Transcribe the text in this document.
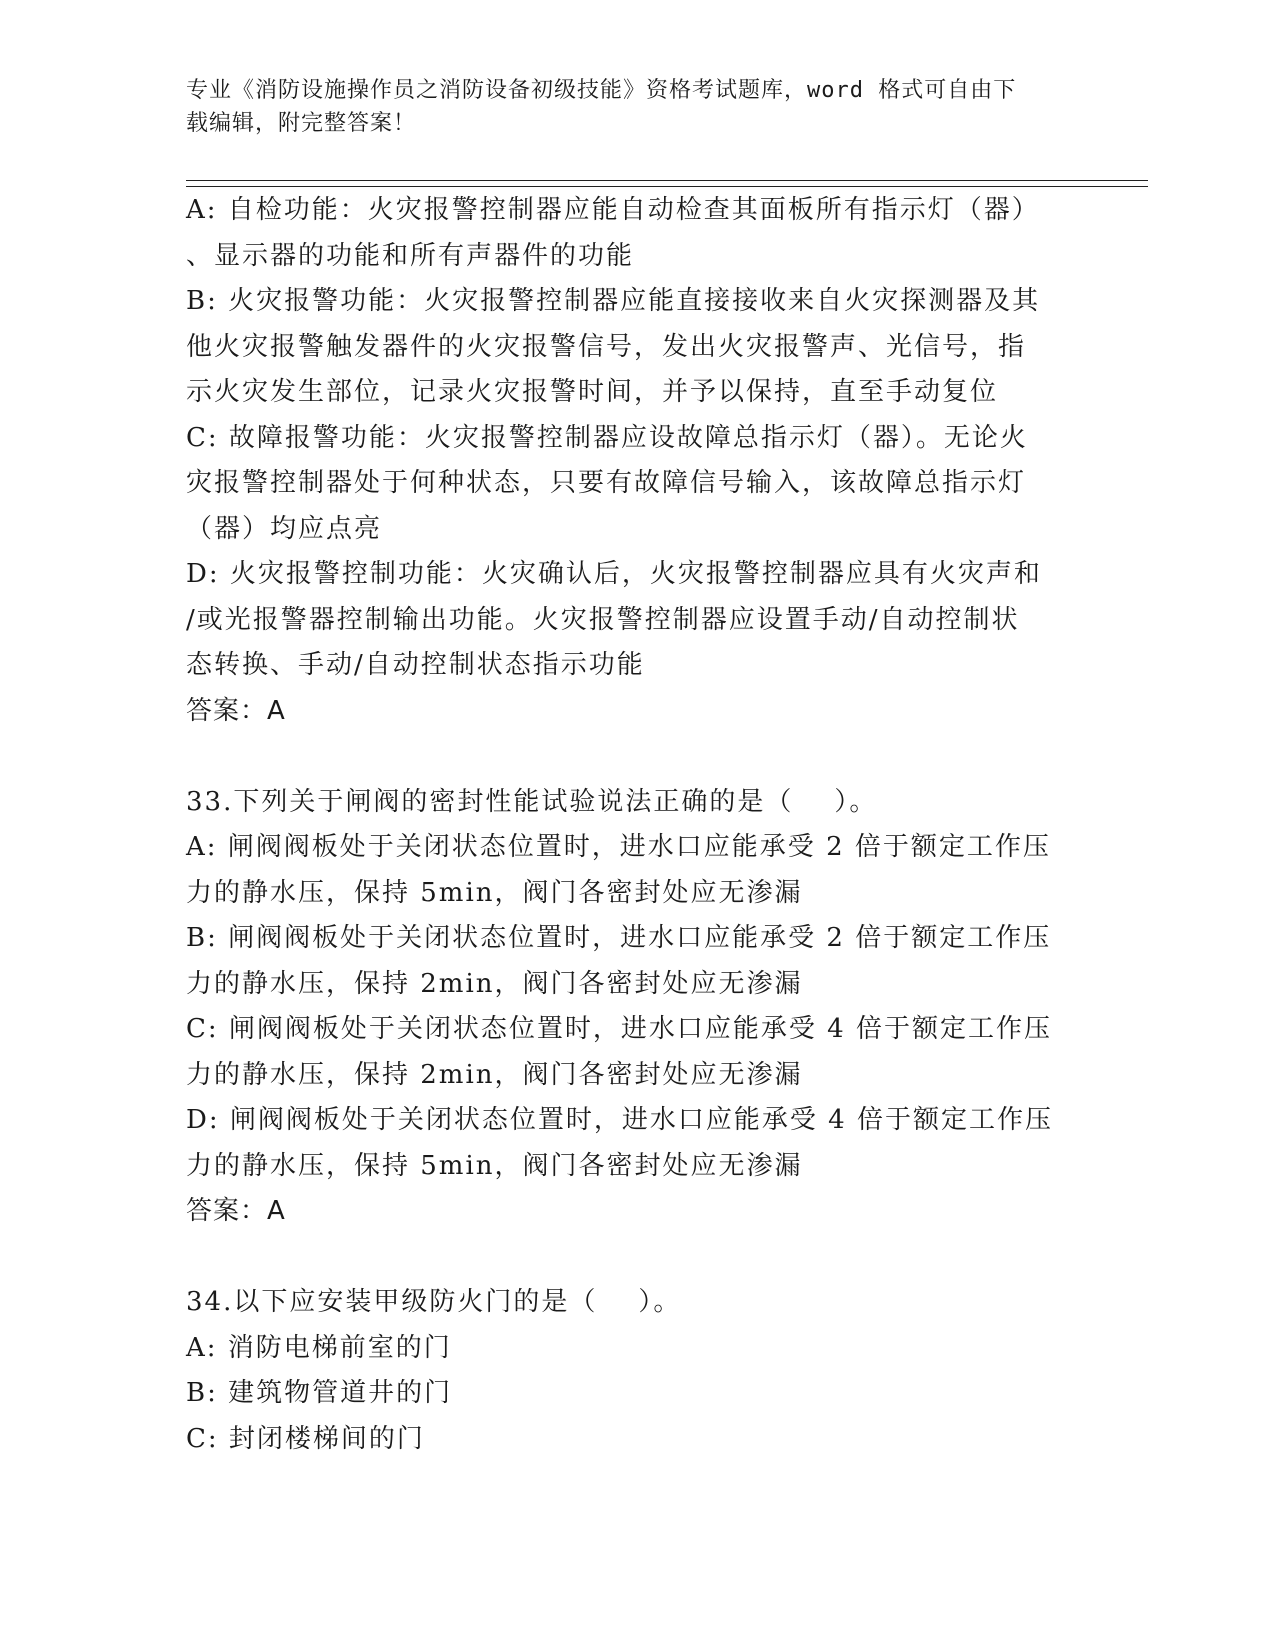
专业《消防设施操作员之消防设备初级技能》资格考试题库，word 格式可自由下
载编辑，附完整答案！
A: 自检功能：火灾报警控制器应能自动检查其面板所有指示灯（器）
、显示器的功能和所有声器件的功能
B: 火灾报警功能：火灾报警控制器应能直接接收来自火灾探测器及其
他火灾报警触发器件的火灾报警信号，发出火灾报警声、光信号，指
示火灾发生部位，记录火灾报警时间，并予以保持，直至手动复位
C: 故障报警功能：火灾报警控制器应设故障总指示灯（器）。无论火
灾报警控制器处于何种状态，只要有故障信号输入，该故障总指示灯
（器）均应点亮
D: 火灾报警控制功能：火灾确认后，火灾报警控制器应具有火灾声和
/或光报警器控制输出功能。火灾报警控制器应设置手动/自动控制状
态转换、手动/自动控制状态指示功能
答案：A
33.下列关于闸阀的密封性能试验说法正确的是（    ）。
A: 闸阀阀板处于关闭状态位置时，进水口应能承受 2 倍于额定工作压
力的静水压，保持 5min，阀门各密封处应无渗漏
B: 闸阀阀板处于关闭状态位置时，进水口应能承受 2 倍于额定工作压
力的静水压，保持 2min，阀门各密封处应无渗漏
C: 闸阀阀板处于关闭状态位置时，进水口应能承受 4 倍于额定工作压
力的静水压，保持 2min，阀门各密封处应无渗漏
D: 闸阀阀板处于关闭状态位置时，进水口应能承受 4 倍于额定工作压
力的静水压，保持 5min，阀门各密封处应无渗漏
答案：A
34.以下应安装甲级防火门的是（    ）。
A: 消防电梯前室的门
B: 建筑物管道井的门
C: 封闭楼梯间的门
